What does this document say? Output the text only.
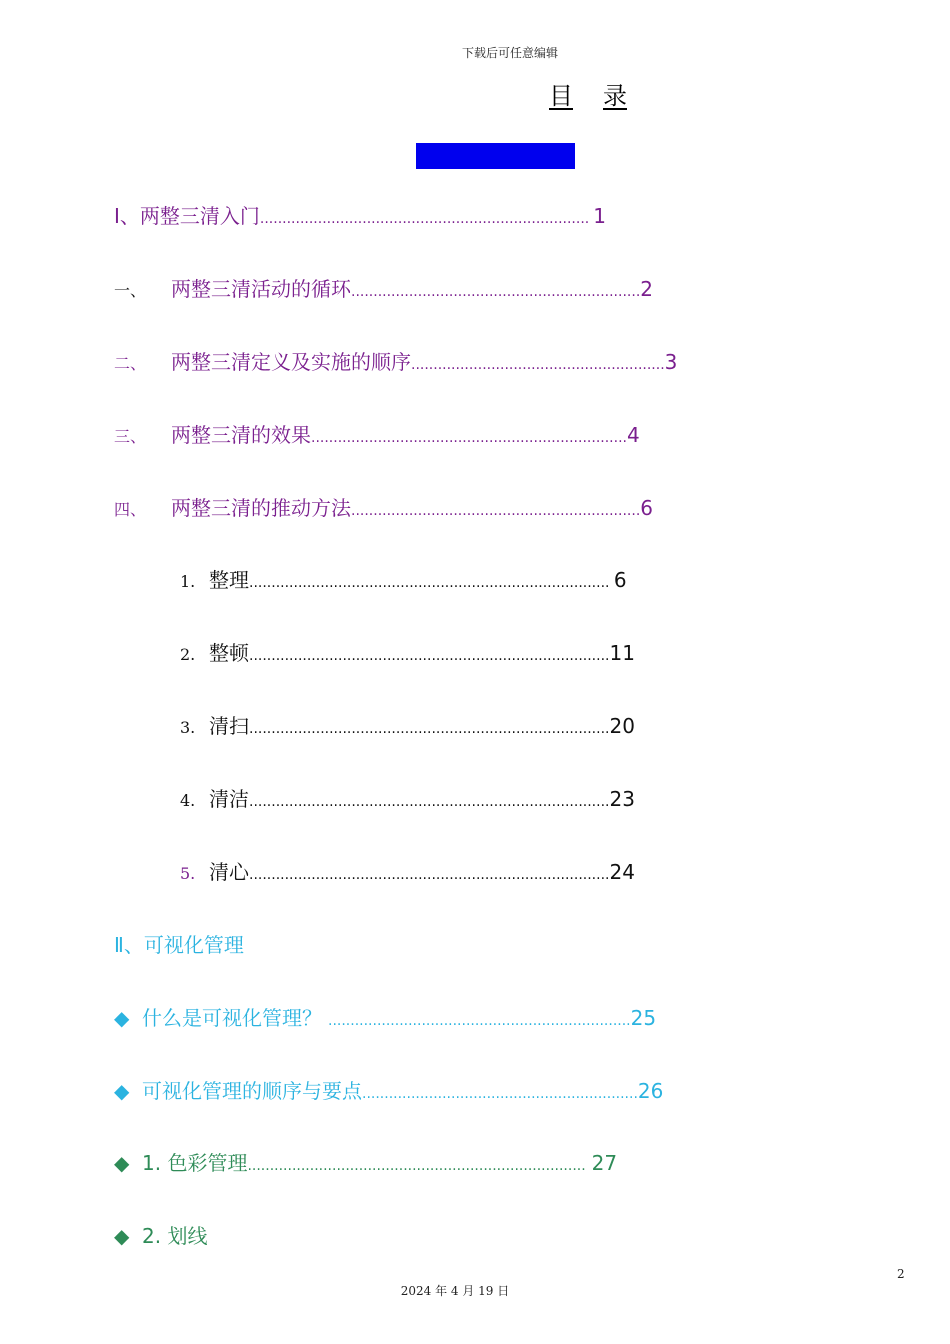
下载后可任意编辑
目 录
Ⅰ、两整三清入门.......................................................................... 1
一、 两整三清活动的循环.................................................................2
二、 两整三清定义及实施的顺序.........................................................3
三、 两整三清的效果.......................................................................4
四、 两整三清的推动方法.................................................................6
1. 整理................................................................................. 6
2. 整顿.................................................................................11
3. 清扫.................................................................................20
4. 清洁.................................................................................23
5. 清心.................................................................................24
Ⅱ、可视化管理
◆ 什么是可视化管理？ ....................................................................25
◆ 可视化管理的顺序与要点..............................................................26
◆ 1. 色彩管理............................................................................ 27
◆ 2. 划线
2
2024 年 4 月 19 日
